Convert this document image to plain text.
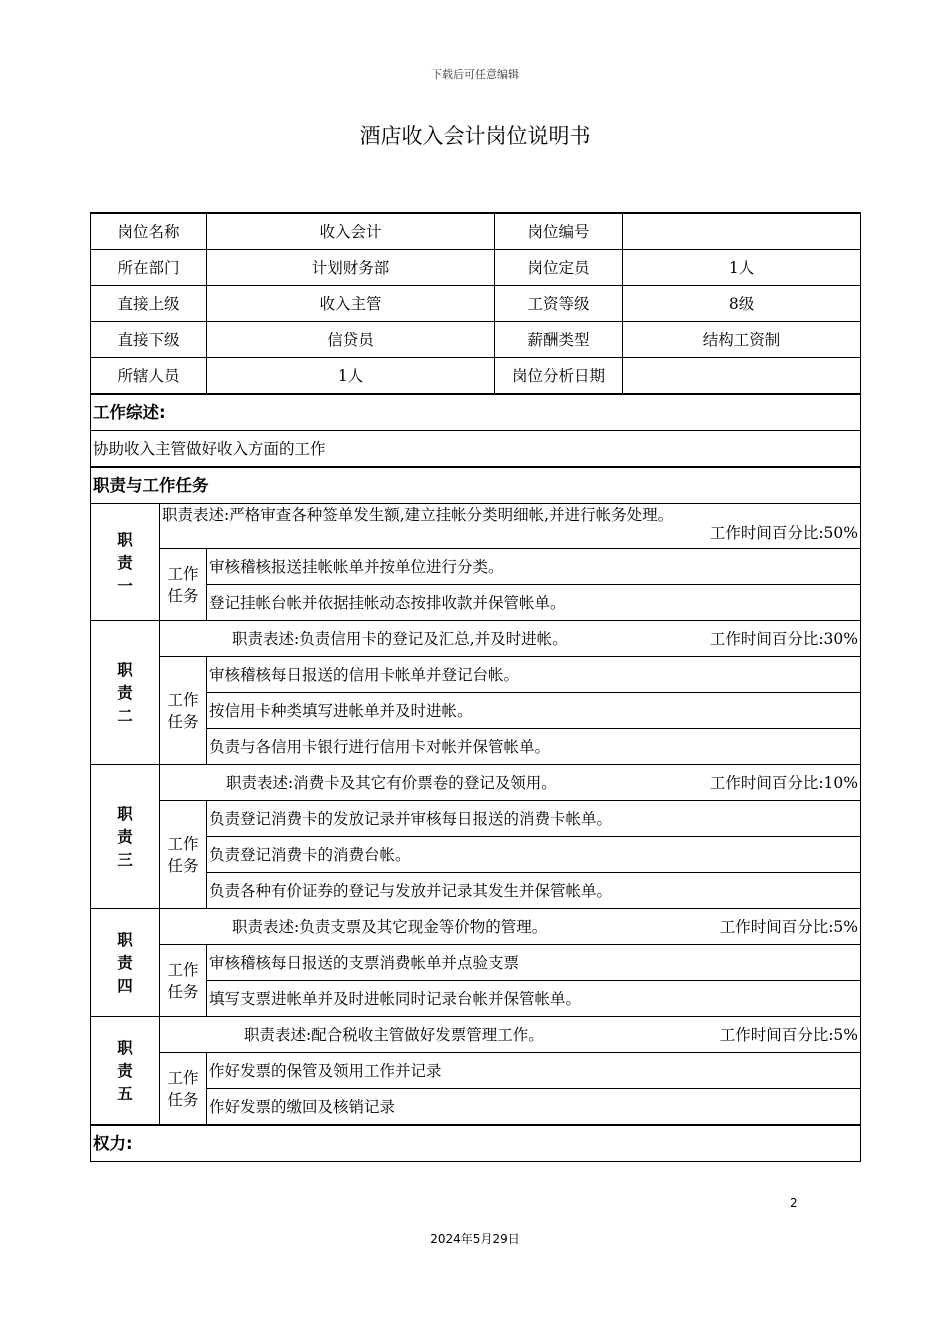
下载后可任意编辑
酒店收入会计岗位说明书
岗位名称		收入会计	岗位编号	
所在部门		计划财务部	岗位定员	1人
直接上级		收入主管	工资等级	8级
直接下级		信贷员	薪酬类型	结构工资制
所辖人员		1人	岗位分析日期	
工作综述:				
协助收入主管做好收入方面的工作				
职责与工作任务				
职责一	职责表述:严格审查各种签单发生额,建立挂帐分类明细帐,并进行帐务处理。
工作时间百分比:50%			

	工作任务	审核稽核报送挂帐帐单并按单位进行分类。		
		登记挂帐台帐并依据挂帐动态按排收款并保管帐单。		
职责二	职责表述:负责信用卡的登记及汇总,并及时进帐。 工作时间百分比:30%			

	工作任务	审核稽核每日报送的信用卡帐单并登记台帐。		
		按信用卡种类填写进帐单并及时进帐。		
		负责与各信用卡银行进行信用卡对帐并保管帐单。		
职责三	职责表述:消费卡及其它有价票卷的登记及领用。 工作时间百分比:10%			

	工作任务	负责登记消费卡的发放记录并审核每日报送的消费卡帐单。		
		负责登记消费卡的消费台帐。		
		负责各种有价证券的登记与发放并记录其发生并保管帐单。		
职责四	职责表述:负责支票及其它现金等价物的管理。 工作时间百分比:5%			

	工作任务	审核稽核每日报送的支票消费帐单并点验支票		
		填写支票进帐单并及时进帐同时记录台帐并保管帐单。		
职责五	职责表述:配合税收主管做好发票管理工作。 工作时间百分比:5%			

	工作任务	作好发票的保管及领用工作并记录		
		作好发票的缴回及核销记录		
权力:				
2
2024年5月29日
